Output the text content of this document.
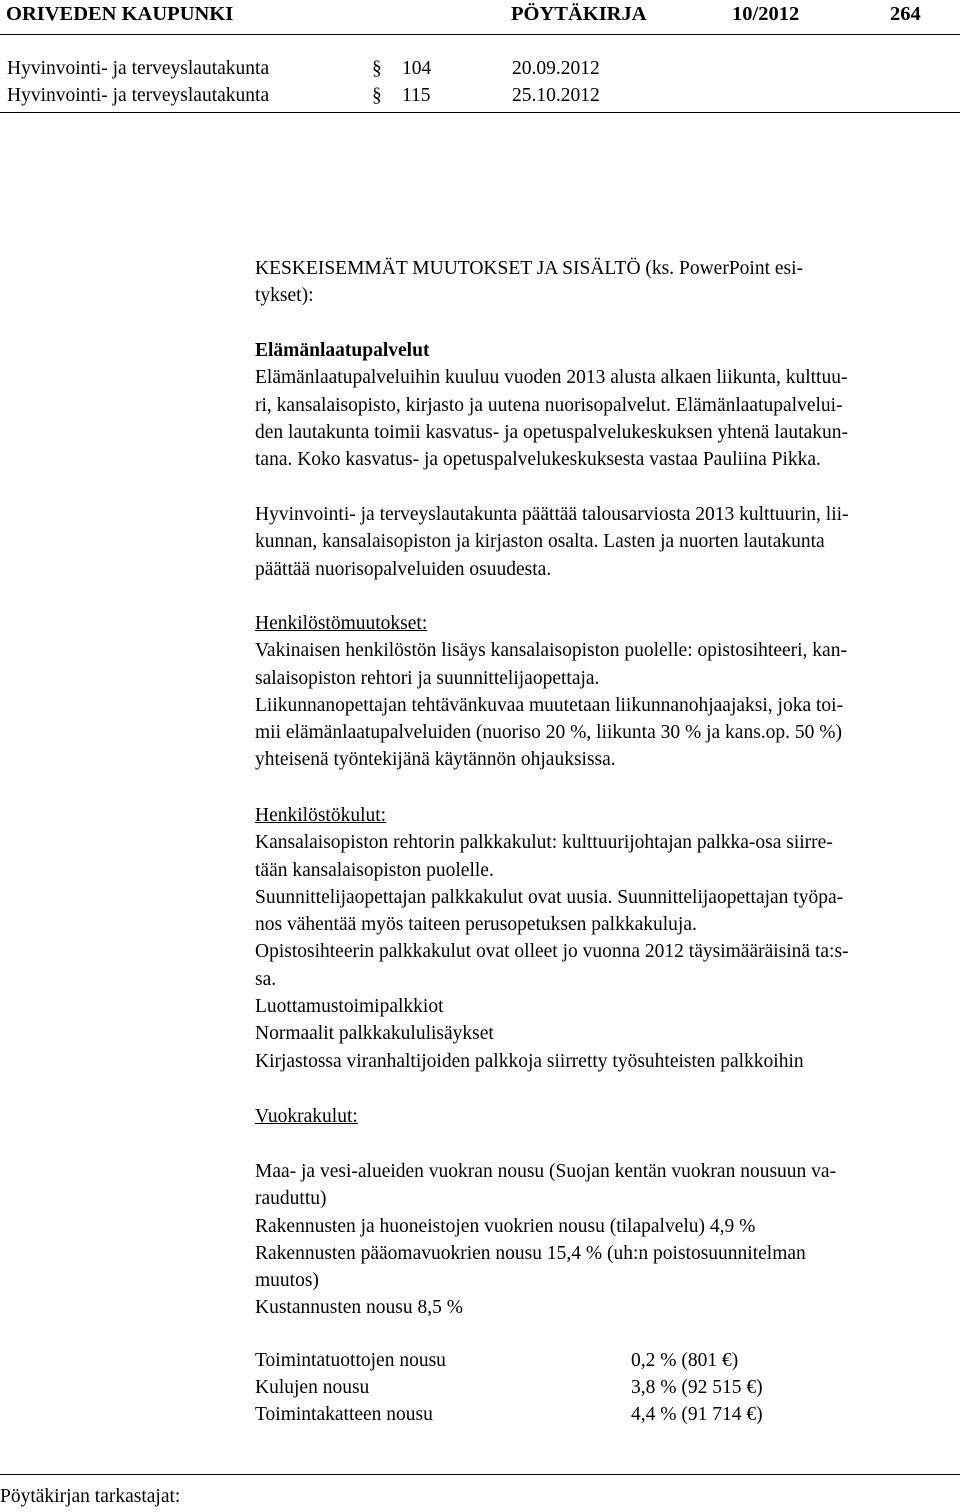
ORIVEDEN KAUPUNKI	PÖYTÄKIRJA	10/2012	264
Hyvinvointi- ja terveyslautakunta	§ 104	20.09.2012
Hyvinvointi- ja terveyslautakunta	§ 115	25.10.2012
KESKEISEMMÄT MUUTOKSET JA SISÄLTÖ (ks. PowerPoint esi-
tykset):
Elämänlaatupalvelut
Elämänlaatupalveluihin kuuluu vuoden 2013 alusta alkaen liikunta, kulttuu-
ri, kansalaisopisto, kirjasto ja uutena nuorisopalvelut. Elämänlaatupalvelui-
den lautakunta toimii kasvatus- ja opetuspalvelukeskuksen yhtenä lautakun-
tana. Koko kasvatus- ja opetuspalvelukeskuksesta vastaa Pauliina Pikka.
Hyvinvointi- ja terveyslautakunta päättää talousarviosta 2013 kulttuurin, lii-
kunnan, kansalaisopiston ja kirjaston osalta. Lasten ja nuorten lautakunta
päättää nuorisopalveluiden osuudesta.
Henkilöstömuutokset:
Vakinaisen henkilöstön lisäys kansalaisopiston puolelle: opistosihteeri, kan-
salaisopiston rehtori ja suunnittelijaopettaja.
Liikunnanopettajan tehtävänkuvaa muutetaan liikunnanohjaajaksi, joka toi-
mii elämänlaatupalveluiden (nuoriso 20 %, liikunta 30 % ja kans.op. 50 %)
yhteisenä työntekijänä käytännön ohjauksissa.
Henkilöstökulut:
Kansalaisopiston rehtorin palkkakulut: kulttuurijohtajan palkka-osa siirre-
tään kansalaisopiston puolelle.
Suunnittelijaopettajan palkkakulut ovat uusia. Suunnittelijaopettajan työpa-
nos vähentää myös taiteen perusopetuksen palkkakuluja.
Opistosihteerin palkkakulut ovat olleet jo vuonna 2012 täysimääräisinä ta:s-
sa.
Luottamustoimipalkkiot
Normaalit palkkakululisäykset
Kirjastossa viranhaltijoiden palkkoja siirretty työsuhteisten palkkoihin
Vuokrakulut:
Maa- ja vesi-alueiden vuokran nousu (Suojan kentän vuokran nousuun va-
rauduttu)
Rakennusten ja huoneistojen vuokrien nousu (tilapalvelu) 4,9 %
Rakennusten pääomavuokrien nousu 15,4 % (uh:n poistosuunnitelman
muutos)
Kustannusten nousu 8,5 %
Toimintatuottojen nousu	0,2 % (801 €)
Kulujen nousu	3,8 % (92 515 €)
Toimintakatteen nousu	4,4 % (91 714 €)
Pöytäkirjan tarkastajat:
